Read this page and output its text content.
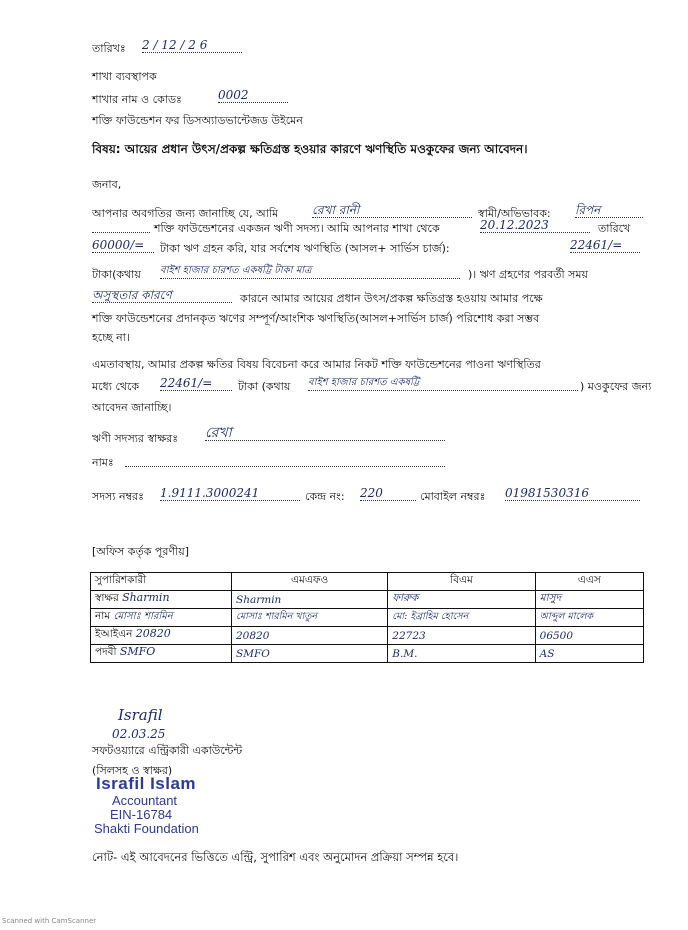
তারিখঃ 2 / 12 / 2 6
শাখা ব্যবস্থাপক
শাখার নাম ও কোডঃ	0002
শক্তি ফাউন্ডেশন ফর ডিসঅ্যাডভান্টেজড উইমেন
বিষয়: আয়ের প্রধান উৎস/প্রকল্প ক্ষতিগ্রস্ত হওয়ার কারণে ঋণস্থিতি মওকুফের জন্য আবেদন।
জনাব,
আপনার অবগতির জন্য জানাচ্ছি যে, আমি	রেখা রানী	স্বামী/অভিভাবক: রিপন
শক্তি ফাউন্ডেশনের একজন ঋণী সদস্য। আমি আপনার শাখা থেকে	20.12.2023	তারিখে
60000/=	টাকা ঋণ গ্রহন করি, যার সর্বশেষ ঋণস্থিতি (আসল+ সার্ভিস চার্জ):	22461/=
টাকা(কথায় বাইশ হাজার চারশত একষট্টি টাকা মাত্র	)। ঋণ গ্রহণের পরবর্তী সময়
অসুস্থতার কারণে	কারনে আমার আয়ের প্রধান উৎস/প্রকল্প ক্ষতিগ্রস্ত হওয়ায় আমার পক্ষে
শক্তি ফাউন্ডেশনের প্রদানকৃত ঋণের সম্পূর্ণ/আংশিক ঋণস্থিতি(আসল+সার্ভিস চার্জ) পরিশোধ করা সম্ভব
হচ্ছে না।
এমতাবস্থায়, আমার প্রকল্প ক্ষতির বিষয় বিবেচনা করে আমার নিকট শক্তি ফাউন্ডেশনের পাওনা ঋণস্থিতির
মধ্যে থেকে 22461/=	টাকা (কথায় বাইশ হাজার চারশত একষট্টি	) মওকুফের জন্য
আবেদন জানাচ্ছি।
ঋণী সদস্যর স্বাক্ষরঃ রেখা
নামঃ
সদস্য নম্বরঃ 1.9111.3000241	কেন্দ্র নং: 220	মোবাইল নম্বরঃ 01981530316
[অফিস কর্তৃক পূরণীয়]
সুপারিশকারী	এমএফও	বিএম	এএস
স্বাক্ষর Sharmin	Sharmin	ফারুক	মাসুদ
নাম মোসাঃ শারমিন	মোসাঃ শারমিন খাতুন	মো: ইব্রাহিম হোসেন	আব্দুল মালেক
ইআইএন 20820	20820	22723	06500
পদবী SMFO	SMFO	B.M.	AS
Israfil
02.03.25
সফটওয়্যারে এন্ট্রিকারী একাউন্টেন্ট
(সিলসহ ও স্বাক্ষর)
Israfil Islam
Accountant
EIN-16784
Shakti Foundation
নোট- এই আবেদনের ভিত্তিতে এন্ট্রি, সুপারিশ এবং অনুমোদন প্রক্রিয়া সম্পন্ন হবে।
Scanned with CamScanner
